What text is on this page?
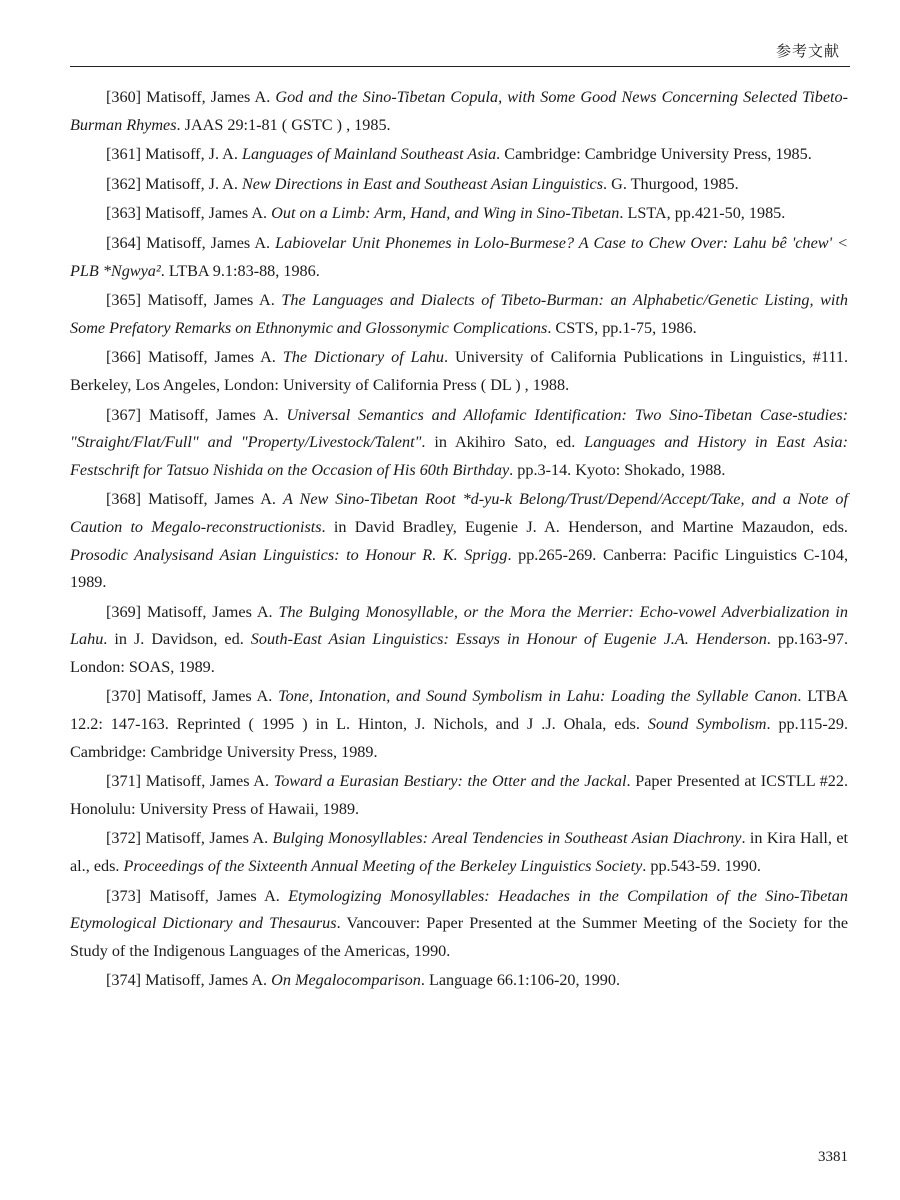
参考文献

[360] Matisoff, James A. God and the Sino-Tibetan Copula, with Some Good News Concerning Selected Tibeto-Burman Rhymes. JAAS 29:1-81 ( GSTC ) , 1985.

[361] Matisoff, J. A. Languages of Mainland Southeast Asia. Cambridge: Cambridge University Press, 1985.

[362] Matisoff, J. A. New Directions in East and Southeast Asian Linguistics. G. Thurgood, 1985.

[363] Matisoff, James A. Out on a Limb: Arm, Hand, and Wing in Sino-Tibetan. LSTA, pp.421-50, 1985.

[364] Matisoff, James A. Labiovelar Unit Phonemes in Lolo-Burmese? A Case to Chew Over: Lahu bê 'chew' < PLB *Ngwya². LTBA 9.1:83-88, 1986.

[365] Matisoff, James A. The Languages and Dialects of Tibeto-Burman: an Alphabetic/Genetic Listing, with Some Prefatory Remarks on Ethnonymic and Glossonymic Complications. CSTS, pp.1-75, 1986.

[366] Matisoff, James A. The Dictionary of Lahu. University of California Publications in Linguistics, #111. Berkeley, Los Angeles, London: University of California Press ( DL ) , 1988.

[367] Matisoff, James A. Universal Semantics and Allofamic Identification: Two Sino-Tibetan Case-studies: "Straight/Flat/Full" and "Property/Livestock/Talent". in Akihiro Sato, ed. Languages and History in East Asia: Festschrift for Tatsuo Nishida on the Occasion of His 60th Birthday. pp.3-14. Kyoto: Shokado, 1988.

[368] Matisoff, James A. A New Sino-Tibetan Root *d-yu-k Belong/Trust/Depend/Accept/Take, and a Note of Caution to Megalo-reconstructionists. in David Bradley, Eugenie J. A. Henderson, and Martine Mazaudon, eds. Prosodic Analysisand Asian Linguistics: to Honour R. K. Sprigg. pp.265-269. Canberra: Pacific Linguistics C-104, 1989.

[369] Matisoff, James A. The Bulging Monosyllable, or the Mora the Merrier: Echo-vowel Adverbialization in Lahu. in J. Davidson, ed. South-East Asian Linguistics: Essays in Honour of Eugenie J.A. Henderson. pp.163-97. London: SOAS, 1989.

[370] Matisoff, James A. Tone, Intonation, and Sound Symbolism in Lahu: Loading the Syllable Canon. LTBA 12.2: 147-163. Reprinted ( 1995 ) in L. Hinton, J. Nichols, and J .J. Ohala, eds. Sound Symbolism. pp.115-29. Cambridge: Cambridge University Press, 1989.

[371] Matisoff, James A. Toward a Eurasian Bestiary: the Otter and the Jackal. Paper Presented at ICSTLL #22. Honolulu: University Press of Hawaii, 1989.

[372] Matisoff, James A. Bulging Monosyllables: Areal Tendencies in Southeast Asian Diachrony. in Kira Hall, et al., eds. Proceedings of the Sixteenth Annual Meeting of the Berkeley Linguistics Society. pp.543-59. 1990.

[373] Matisoff, James A. Etymologizing Monosyllables: Headaches in the Compilation of the Sino-Tibetan Etymological Dictionary and Thesaurus. Vancouver: Paper Presented at the Summer Meeting of the Society for the Study of the Indigenous Languages of the Americas, 1990.

[374] Matisoff, James A. On Megalocomparison. Language 66.1:106-20, 1990.

3381
